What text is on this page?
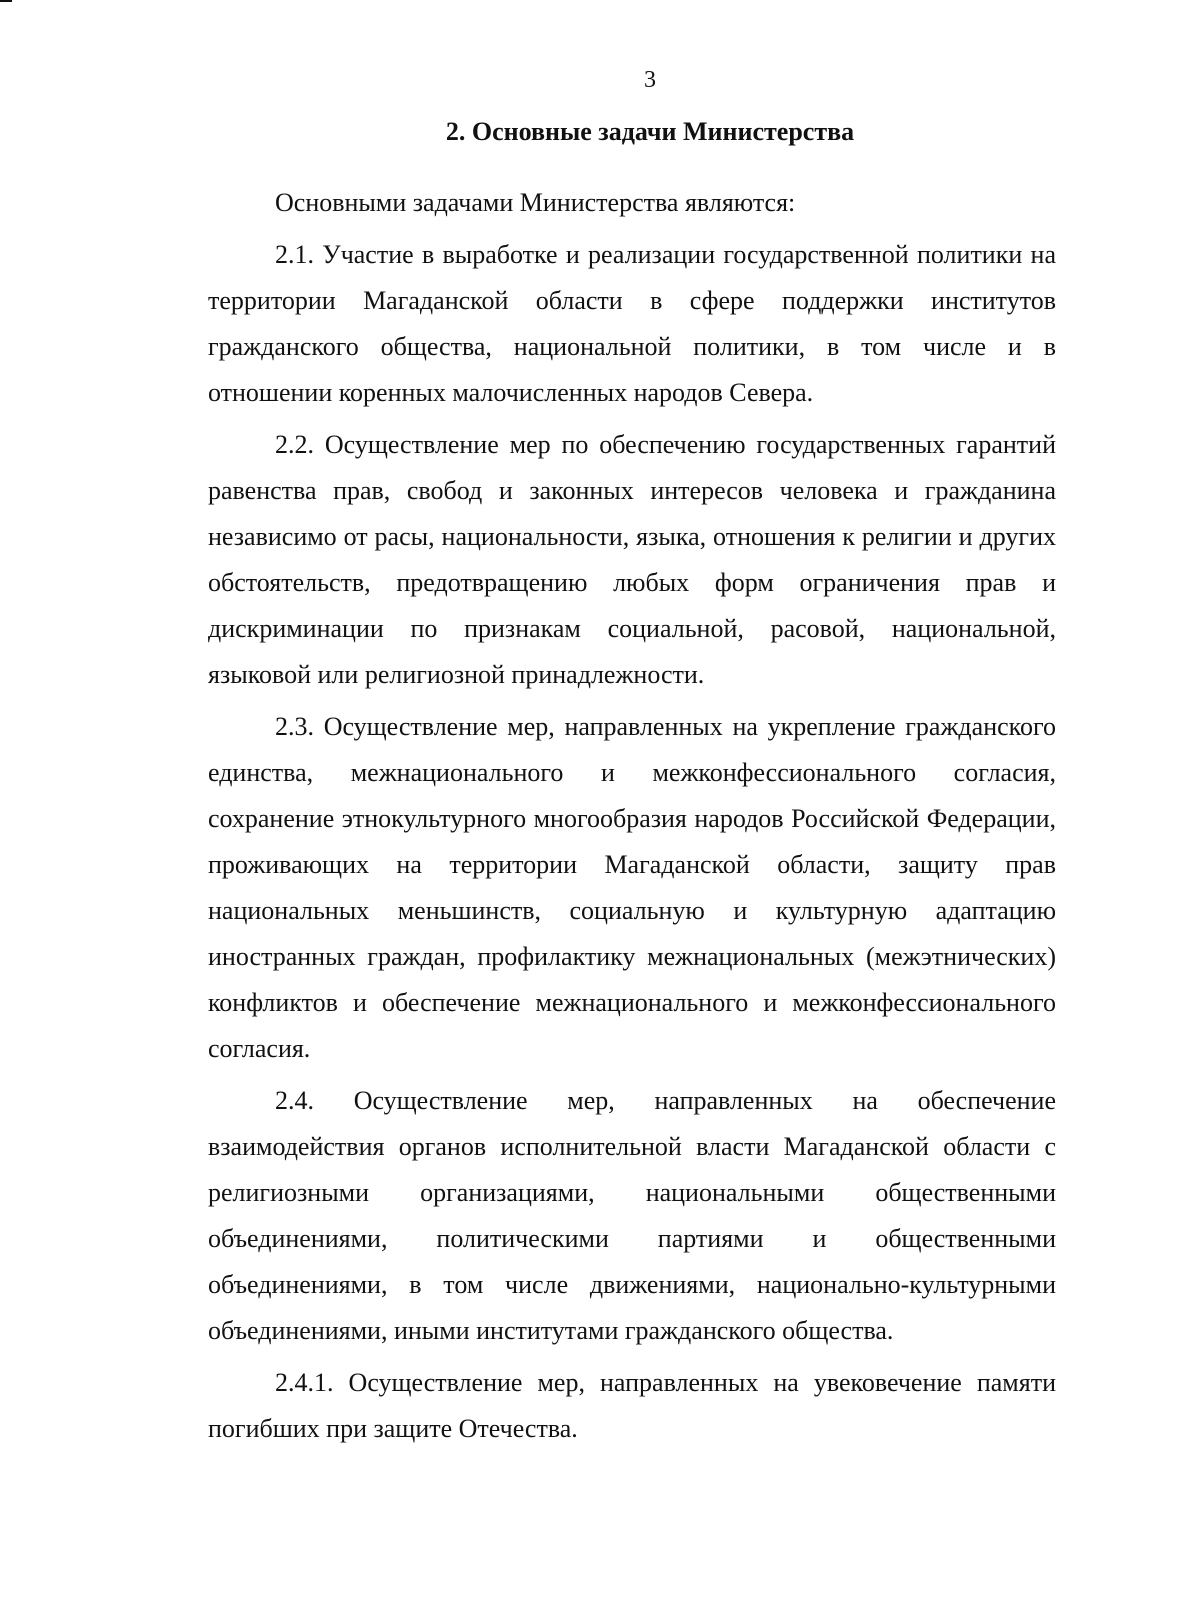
3

2. Основные задачи Министерства

Основными задачами Министерства являются:

2.1. Участие в выработке и реализации государственной политики на территории Магаданской области в сфере поддержки институтов гражданского общества, национальной политики, в том числе и в отношении коренных малочисленных народов Севера.

2.2. Осуществление мер по обеспечению государственных гарантий равенства прав, свобод и законных интересов человека и гражданина независимо от расы, национальности, языка, отношения к религии и других обстоятельств, предотвращению любых форм ограничения прав и дискриминации по признакам социальной, расовой, национальной, языковой или религиозной принадлежности.

2.3. Осуществление мер, направленных на укрепление гражданского единства, межнационального и межконфессионального согласия, сохранение этнокультурного многообразия народов Российской Федерации, проживающих на территории Магаданской области, защиту прав национальных меньшинств, социальную и культурную адаптацию иностранных граждан, профилактику межнациональных (межэтнических) конфликтов и обеспечение межнационального и межконфессионального согласия.

2.4. Осуществление мер, направленных на обеспечение взаимодействия органов исполнительной власти Магаданской области с религиозными организациями, национальными общественными объединениями, политическими партиями и общественными объединениями, в том числе движениями, национально-культурными объединениями, иными институтами гражданского общества.

2.4.1. Осуществление мер, направленных на увековечение памяти погибших при защите Отечества.
